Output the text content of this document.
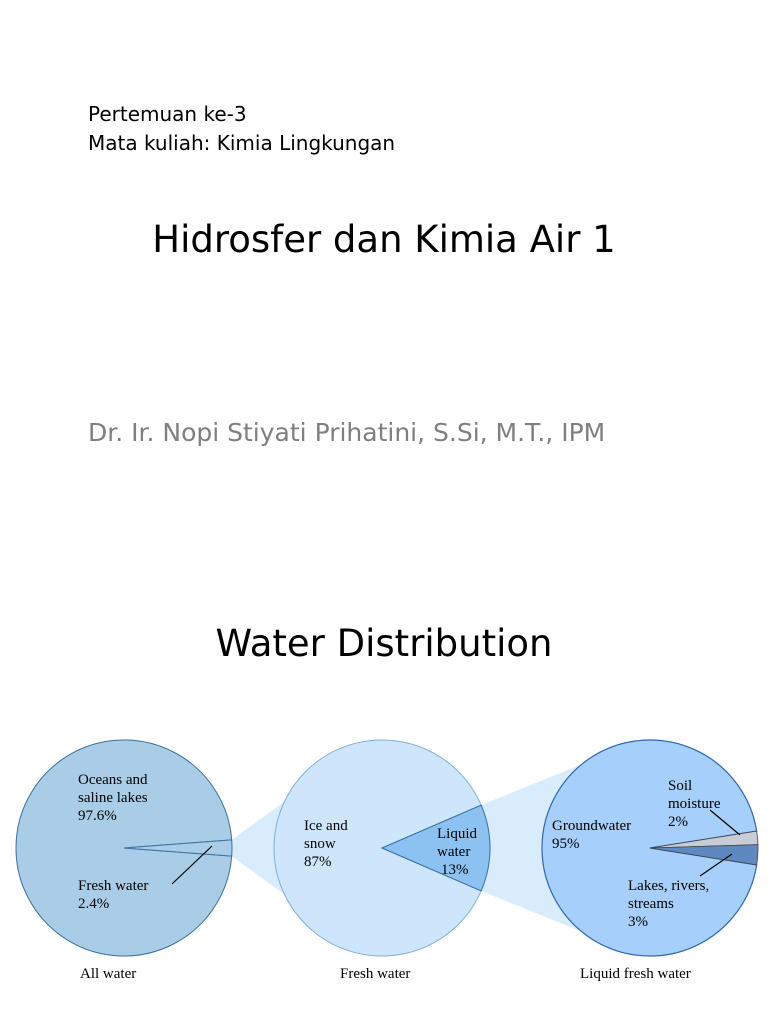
Pertemuan ke-3
Mata kuliah: Kimia Lingkungan
Hidrosfer dan Kimia Air 1
Dr. Ir. Nopi Stiyati Prihatini, S.Si, M.T., IPM
Water Distribution
Oceans and saline lakes 97.6%
Fresh water
2.4%
All water
Ice and snow 87%
Liquid water 13%
Fresh water
Groundwater
95%
Soil moisture 2%
Lakes, rivers, streams 3%
Liquid fresh water
